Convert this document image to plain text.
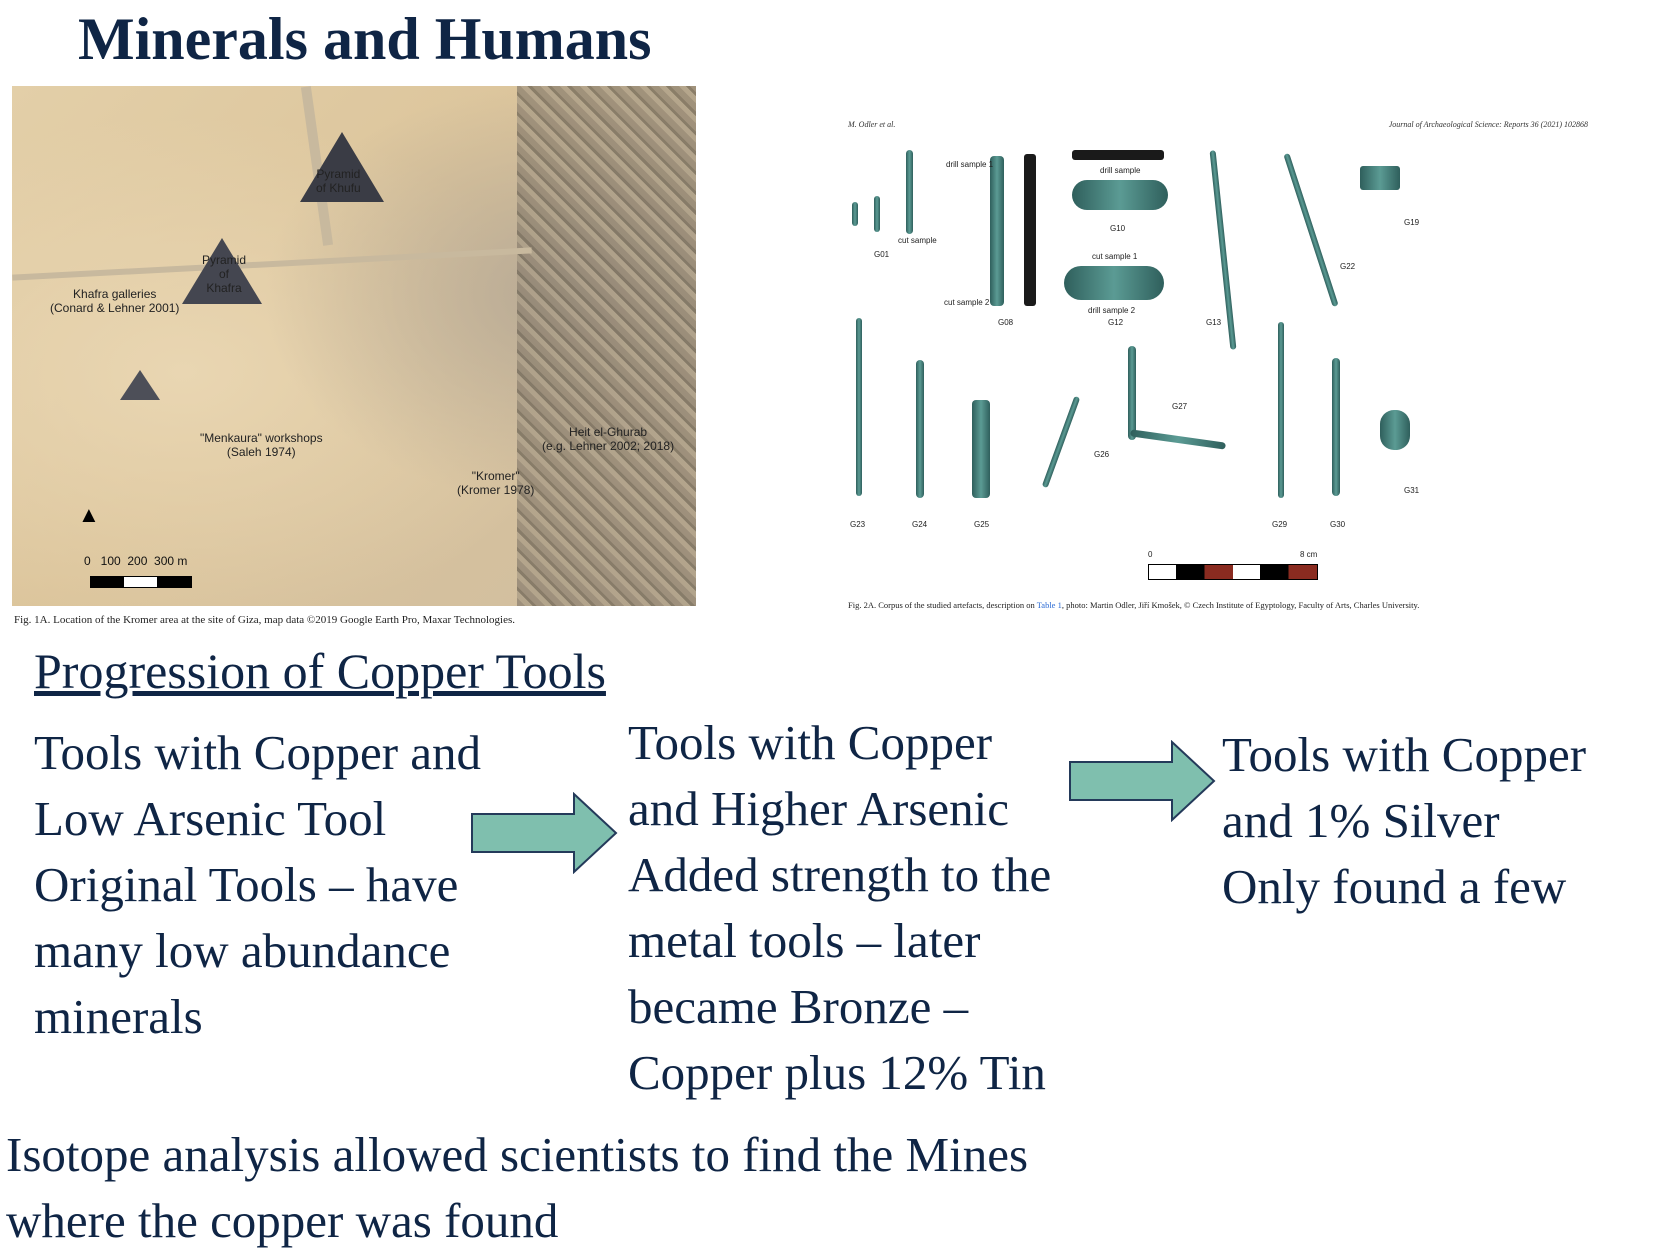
Minerals and Humans
Pyramid
of Khufu
Pyramid
of
Khafra
Khafra galleries
(Conard & Lehner 2001)
"Menkaura" workshops
(Saleh 1974)
Heit el-Ghurab
(e.g. Lehner 2002; 2018)
"Kromer"
(Kromer 1978)
▲
0   100  200  300 m
Fig. 1A. Location of the Kromer area at the site of Giza, map data ©2019 Google Earth Pro, Maxar Technologies.
M. Odler et al.	Journal of Archaeological Science: Reports 36 (2021) 102868
G01
G08
G10
G12	G13
G22
G19
G23	G24	G25
G26
G27
G29	G30
G31
cut sample
drill sample 1
cut sample 2
drill sample
cut sample 1
drill sample 2
0	8 cm
Fig. 2A. Corpus of the studied artefacts, description on Table 1, photo: Martin Odler, Jiří Kmošek, © Czech Institute of Egyptology, Faculty of Arts, Charles University.
Progression of Copper Tools
Tools with Copper and
Low Arsenic Tool
Original Tools – have
many low abundance
minerals
Tools with Copper
and Higher Arsenic
Added strength to the
metal tools – later
became Bronze –
Copper plus 12% Tin
Tools with Copper
and 1% Silver
Only found a few
Isotope analysis allowed scientists to find the Mines
where the copper was found
